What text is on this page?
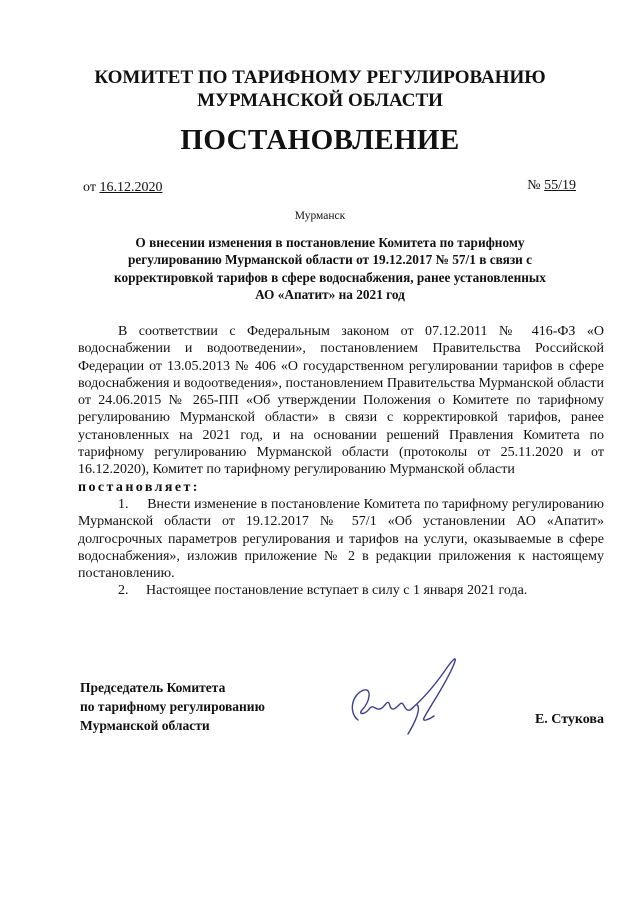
КОМИТЕТ ПО ТАРИФНОМУ РЕГУЛИРОВАНИЮ
МУРМАНСКОЙ ОБЛАСТИ
ПОСТАНОВЛЕНИЕ
от 16.12.2020	№ 55/19
Мурманск
О внесении изменения в постановление Комитета по тарифному
регулированию Мурманской области от 19.12.2017 № 57/1 в связи с
корректировкой тарифов в сфере водоснабжения, ранее установленных
АО «Апатит» на 2021 год

В соответствии с Федеральным законом от 07.12.2011 № 416-ФЗ «О водоснабжении и водоотведении», постановлением Правительства Российской Федерации от 13.05.2013 № 406 «О государственном регулировании тарифов в сфере водоснабжения и водоотведения», постановлением Правительства Мурманской области от 24.06.2015 № 265-ПП «Об утверждении Положения о Комитете по тарифному регулированию Мурманской области» в связи с корректировкой тарифов, ранее установленных на 2021 год, и на основании решений Правления Комитета по тарифному регулированию Мурманской области (протоколы от 25.11.2020 и от 16.12.2020), Комитет по тарифному регулированию Мурманской области

постановляет:

1.     Внести изменение в постановление Комитета по тарифному регулированию Мурманской области от 19.12.2017 № 57/1 «Об установлении АО «Апатит» долгосрочных параметров регулирования и тарифов на услуги, оказываемые в сфере водоснабжения», изложив приложение № 2 в редакции приложения к настоящему постановлению.

2.     Настоящее постановление вступает в силу с 1 января 2021 года.

Председатель Комитета
по тарифному регулированию
Мурманской области	Е. Стукова
